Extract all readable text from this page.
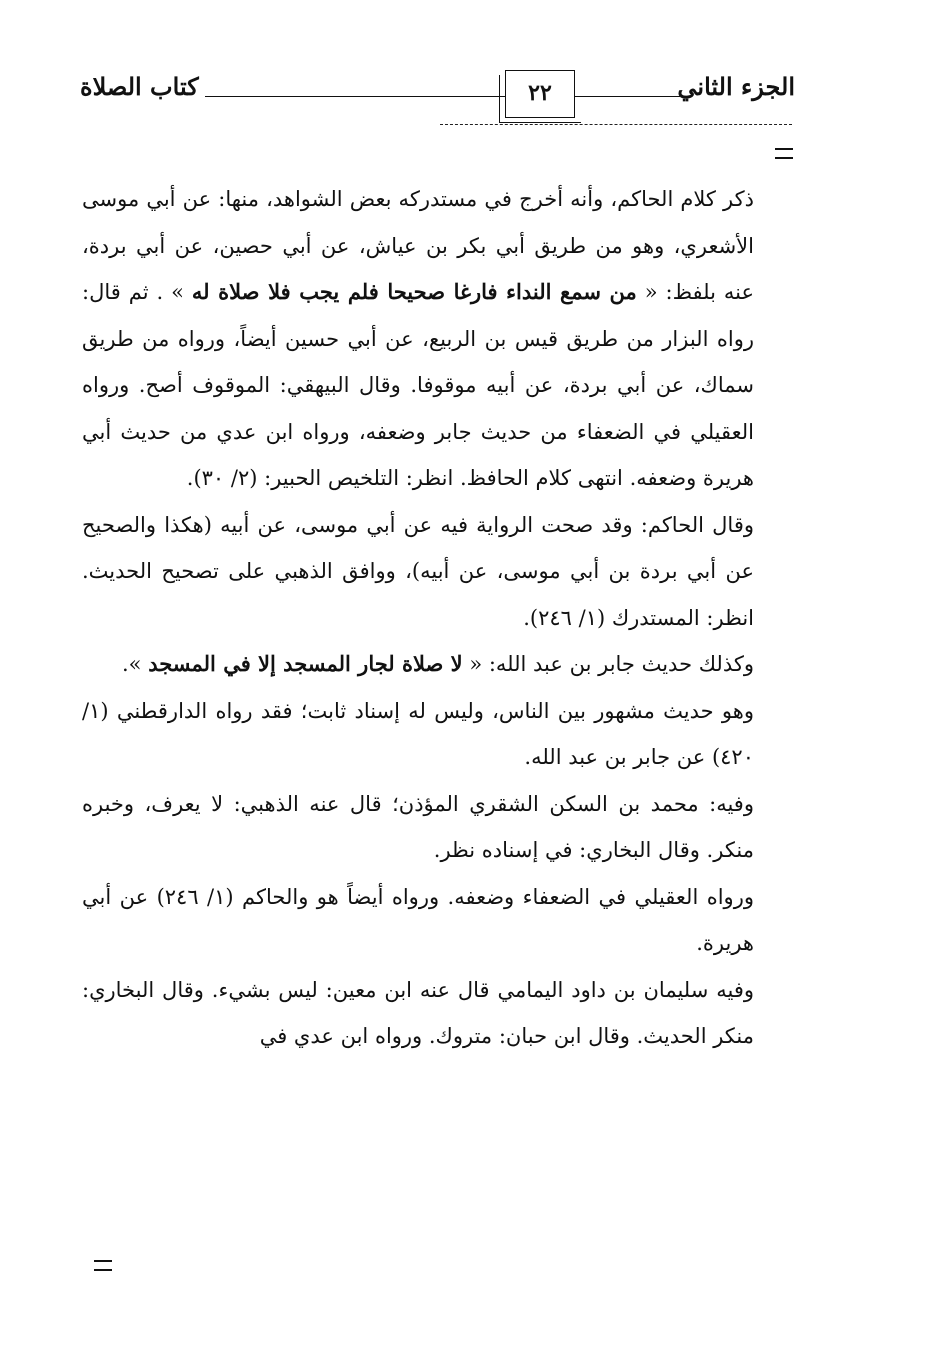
كتاب الصلاة	٢٢	الجزء الثاني

ذكر كلام الحاكم، وأنه أخرج في مستدركه بعض الشواهد، منها: عن أبي موسى الأشعري، وهو من طريق أبي بكر بن عياش، عن أبي حصين، عن أبي بردة، عنه بلفظ: « من سمع النداء فارغا صحيحا فلم يجب فلا صلاة له » . ثم قال: رواه البزار من طريق قيس بن الربيع، عن أبي حسين أيضاً، ورواه من طريق سماك، عن أبي بردة، عن أبيه موقوفا. وقال البيهقي: الموقوف أصح. ورواه العقيلي في الضعفاء من حديث جابر وضعفه، ورواه ابن عدي من حديث أبي هريرة وضعفه. انتهى كلام الحافظ. انظر: التلخيص الحبير: (٢/ ٣٠).

وقال الحاكم: وقد صحت الرواية فيه عن أبي موسى، عن أبيه (هكذا والصحيح عن أبي بردة بن أبي موسى، عن أبيه)، ووافق الذهبي على تصحيح الحديث. انظر: المستدرك (١/ ٢٤٦).

وكذلك حديث جابر بن عبد الله: « لا صلاة لجار المسجد إلا في المسجد ».

وهو حديث مشهور بين الناس، وليس له إسناد ثابت؛ فقد رواه الدارقطني (١/ ٤٢٠) عن جابر بن عبد الله.

وفيه: محمد بن السكن الشقري المؤذن؛ قال عنه الذهبي: لا يعرف، وخبره منكر. وقال البخاري: في إسناده نظر.

ورواه العقيلي في الضعفاء وضعفه. ورواه أيضاً هو والحاكم (١/ ٢٤٦) عن أبي هريرة.

وفيه سليمان بن داود اليمامي قال عنه ابن معين: ليس بشيء. وقال البخاري: منكر الحديث. وقال ابن حبان: متروك. ورواه ابن عدي في
